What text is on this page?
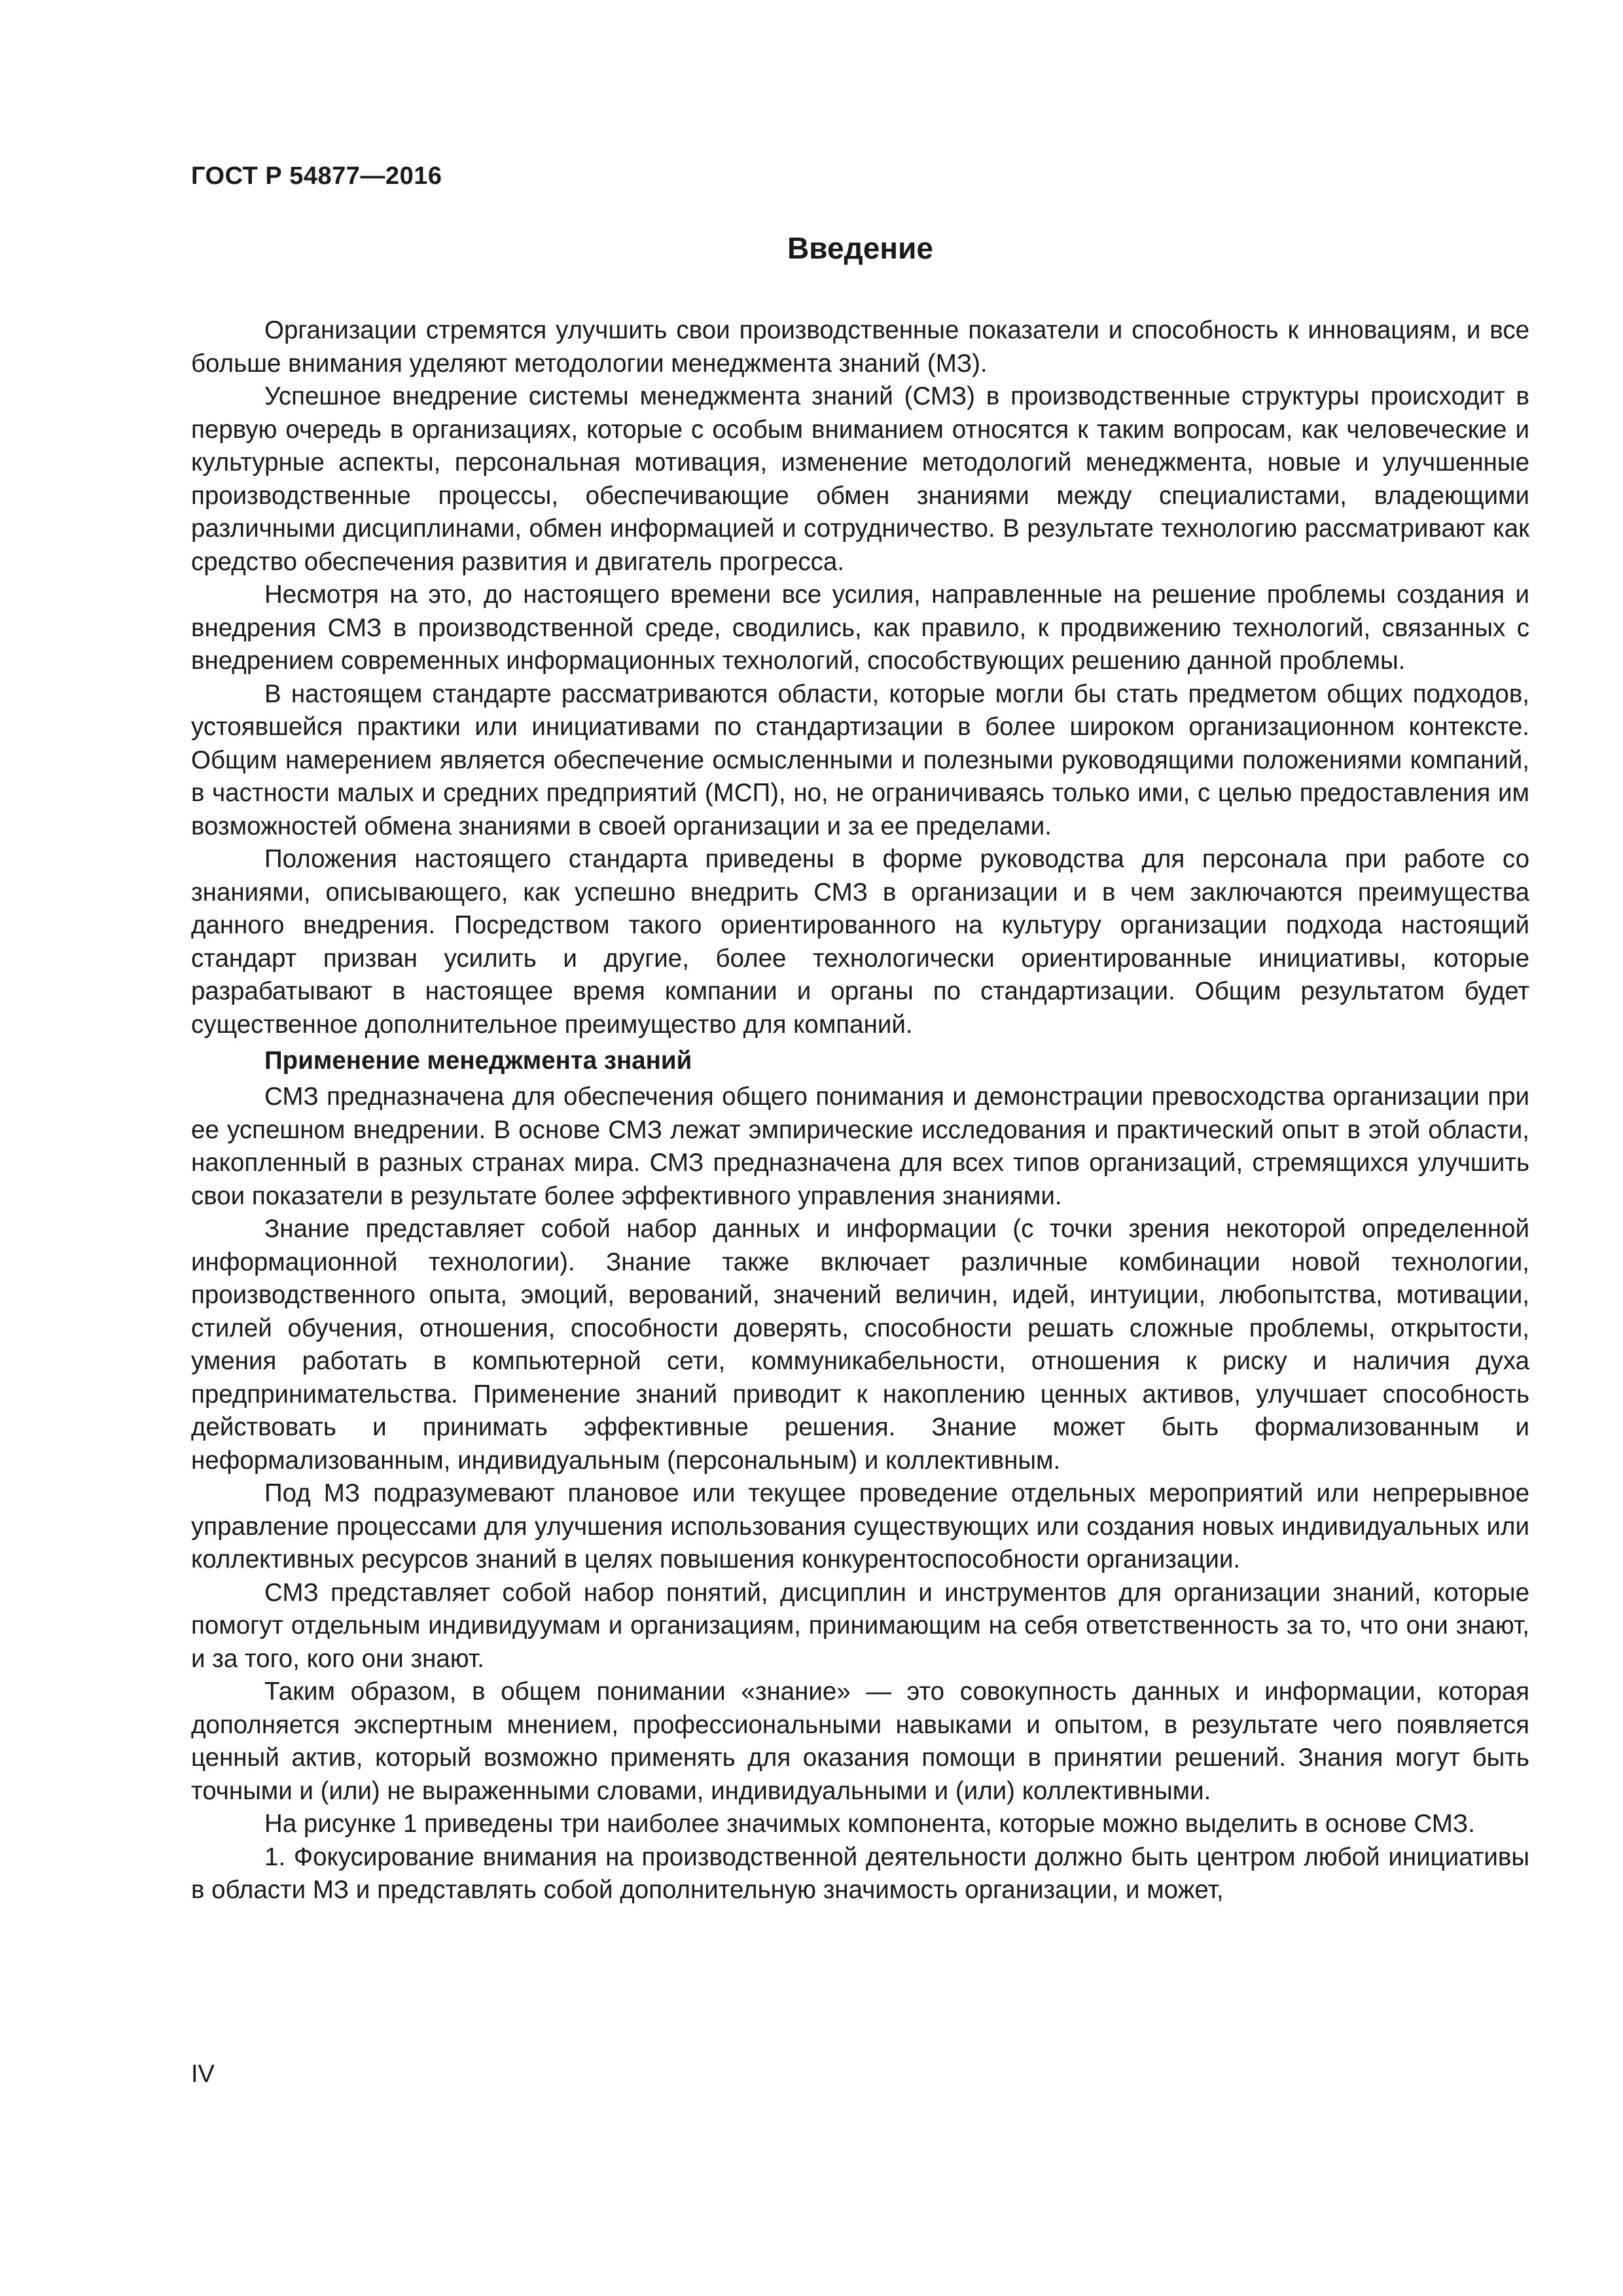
ГОСТ Р 54877—2016
Введение

Организации стремятся улучшить свои производственные показатели и способность к инновациям, и все больше внимания уделяют методологии менеджмента знаний (МЗ).

Успешное внедрение системы менеджмента знаний (СМЗ) в производственные структуры происходит в первую очередь в организациях, которые с особым вниманием относятся к таким вопросам, как человеческие и культурные аспекты, персональная мотивация, изменение методологий менеджмента, новые и улучшенные производственные процессы, обеспечивающие обмен знаниями между специалистами, владеющими различными дисциплинами, обмен информацией и сотрудничество. В результате технологию рассматривают как средство обеспечения развития и двигатель прогресса.

Несмотря на это, до настоящего времени все усилия, направленные на решение проблемы создания и внедрения СМЗ в производственной среде, сводились, как правило, к продвижению технологий, связанных с внедрением современных информационных технологий, способствующих решению данной проблемы.

В настоящем стандарте рассматриваются области, которые могли бы стать предметом общих подходов, устоявшейся практики или инициативами по стандартизации в более широком организационном контексте. Общим намерением является обеспечение осмысленными и полезными руководящими положениями компаний, в частности малых и средних предприятий (МСП), но, не ограничиваясь только ими, с целью предоставления им возможностей обмена знаниями в своей организации и за ее пределами.

Положения настоящего стандарта приведены в форме руководства для персонала при работе со знаниями, описывающего, как успешно внедрить СМЗ в организации и в чем заключаются преимущества данного внедрения. Посредством такого ориентированного на культуру организации подхода настоящий стандарт призван усилить и другие, более технологически ориентированные инициативы, которые разрабатывают в настоящее время компании и органы по стандартизации. Общим результатом будет существенное дополнительное преимущество для компаний.

Применение менеджмента знаний

СМЗ предназначена для обеспечения общего понимания и демонстрации превосходства организации при ее успешном внедрении. В основе СМЗ лежат эмпирические исследования и практический опыт в этой области, накопленный в разных странах мира. СМЗ предназначена для всех типов организаций, стремящихся улучшить свои показатели в результате более эффективного управления знаниями.

Знание представляет собой набор данных и информации (с точки зрения некоторой определенной информационной технологии). Знание также включает различные комбинации новой технологии, производственного опыта, эмоций, верований, значений величин, идей, интуиции, любопытства, мотивации, стилей обучения, отношения, способности доверять, способности решать сложные проблемы, открытости, умения работать в компьютерной сети, коммуникабельности, отношения к риску и наличия духа предпринимательства. Применение знаний приводит к накоплению ценных активов, улучшает способность действовать и принимать эффективные решения. Знание может быть формализованным и неформализованным, индивидуальным (персональным) и коллективным.

Под МЗ подразумевают плановое или текущее проведение отдельных мероприятий или непрерывное управление процессами для улучшения использования существующих или создания новых индивидуальных или коллективных ресурсов знаний в целях повышения конкурентоспособности организации.

СМЗ представляет собой набор понятий, дисциплин и инструментов для организации знаний, которые помогут отдельным индивидуумам и организациям, принимающим на себя ответственность за то, что они знают, и за того, кого они знают.

Таким образом, в общем понимании «знание» — это совокупность данных и информации, которая дополняется экспертным мнением, профессиональными навыками и опытом, в результате чего появляется ценный актив, который возможно применять для оказания помощи в принятии решений. Знания могут быть точными и (или) не выраженными словами, индивидуальными и (или) коллективными.

На рисунке 1 приведены три наиболее значимых компонента, которые можно выделить в основе СМЗ.

1. Фокусирование внимания на производственной деятельности должно быть центром любой инициативы в области МЗ и представлять собой дополнительную значимость организации, и может,

IV
